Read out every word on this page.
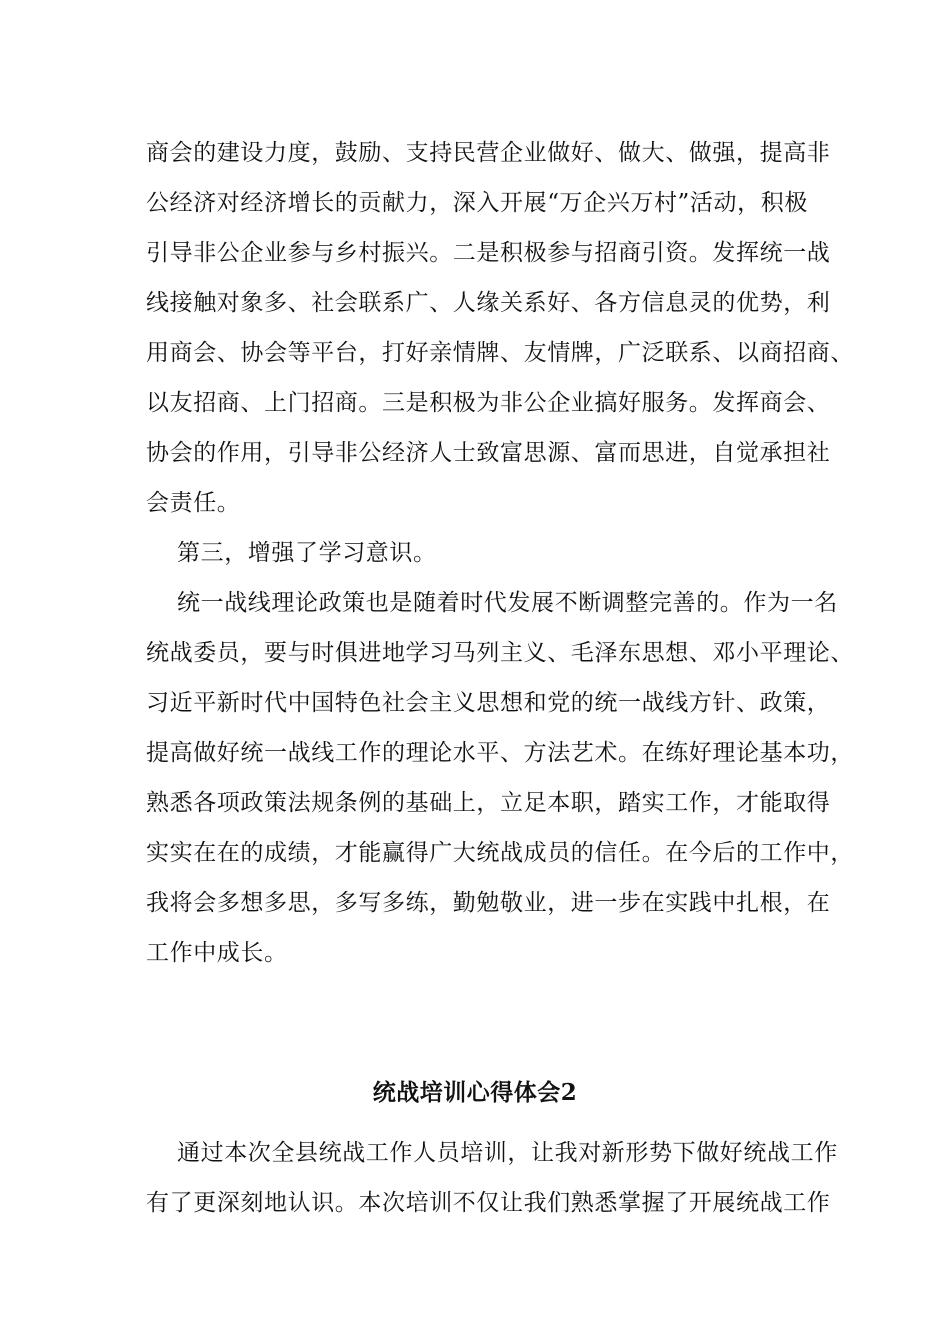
商会的建设力度，鼓励、支持民营企业做好、做大、做强，提高非
公经济对经济增长的贡献力，深入开展“万企兴万村”活动，积极
引导非公企业参与乡村振兴。二是积极参与招商引资。发挥统一战
线接触对象多、社会联系广、人缘关系好、各方信息灵的优势，利
用商会、协会等平台，打好亲情牌、友情牌，广泛联系、以商招商、
以友招商、上门招商。三是积极为非公企业搞好服务。发挥商会、
协会的作用，引导非公经济人士致富思源、富而思进，自觉承担社
会责任。
第三，增强了学习意识。
统一战线理论政策也是随着时代发展不断调整完善的。作为一名
统战委员，要与时俱进地学习马列主义、毛泽东思想、邓小平理论、
习近平新时代中国特色社会主义思想和党的统一战线方针、政策，
提高做好统一战线工作的理论水平、方法艺术。在练好理论基本功，
熟悉各项政策法规条例的基础上，立足本职，踏实工作，才能取得
实实在在的成绩，才能赢得广大统战成员的信任。在今后的工作中，
我将会多想多思，多写多练，勤勉敬业，进一步在实践中扎根，在
工作中成长。
统战培训心得体会2
通过本次全县统战工作人员培训，让我对新形势下做好统战工作
有了更深刻地认识。本次培训不仅让我们熟悉掌握了开展统战工作
